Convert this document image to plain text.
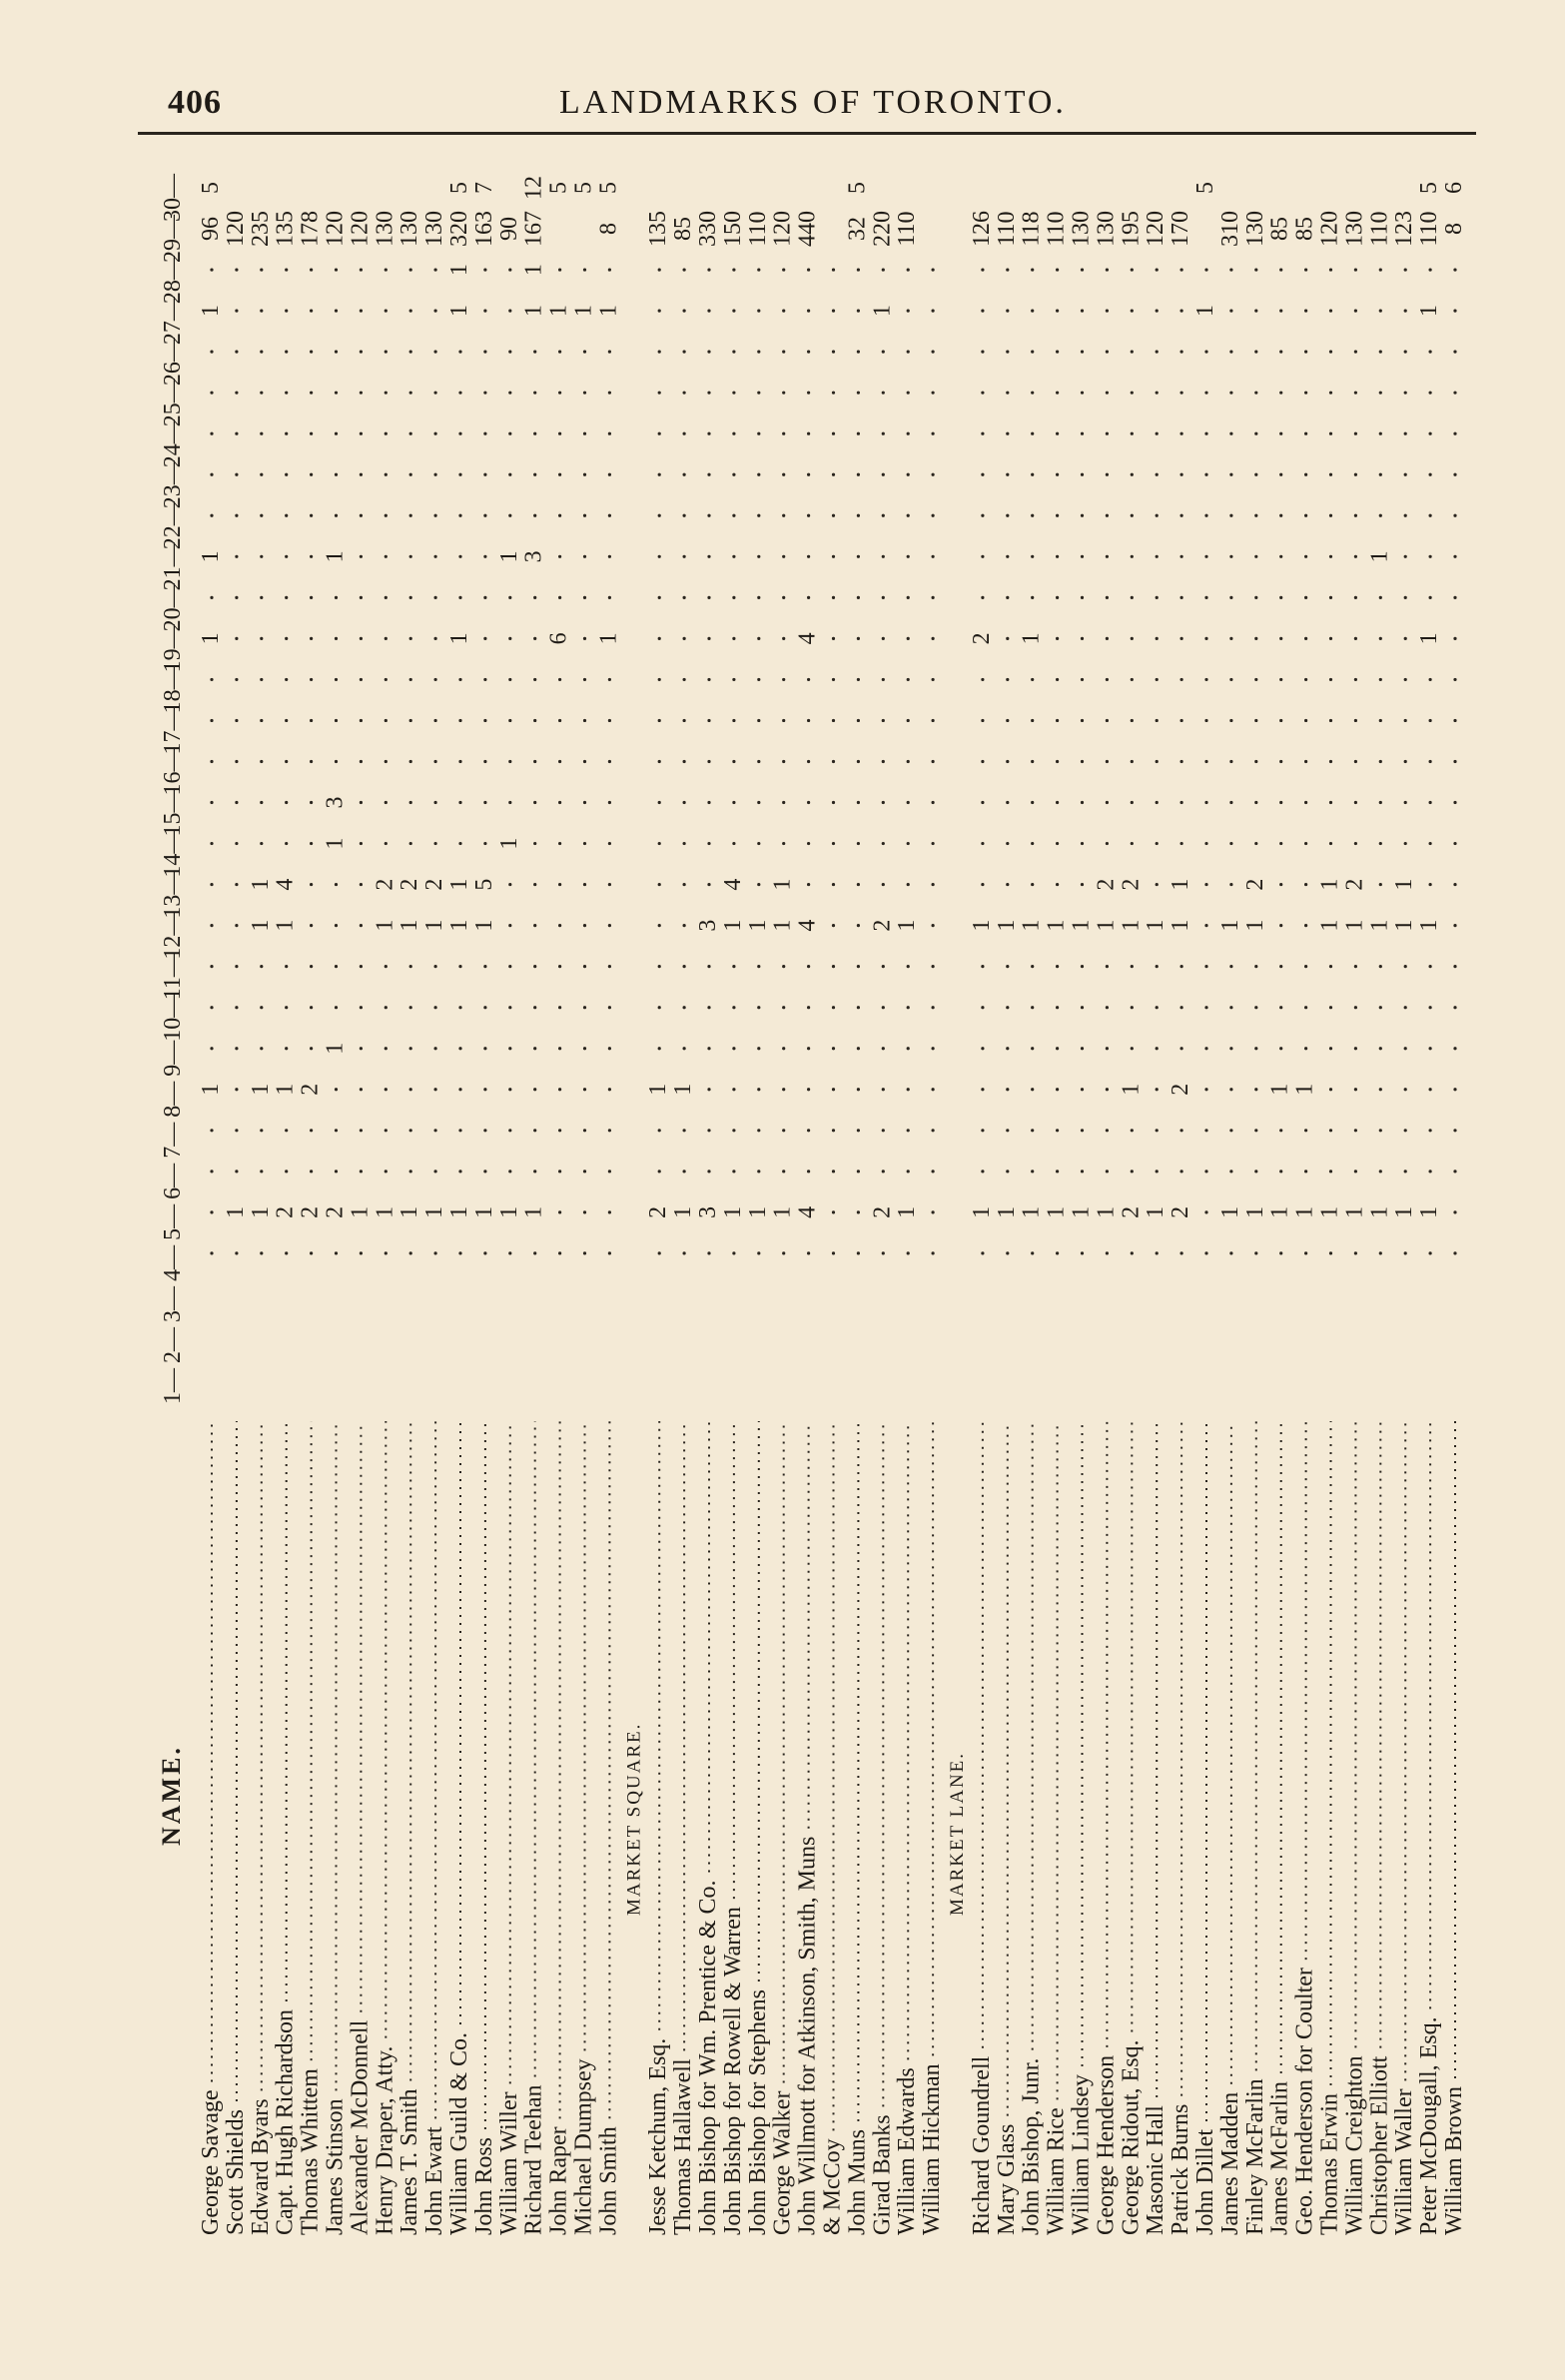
406	LANDMARKS OF TORONTO.
NAME.
1—
2—
3—
4—
5—
6—
7—
8—
9—
10—
11—
12—
13—
14—
15—
16—
17—
18—
19—
20—
21—
22—
23—
24—
25—
26—
27—
28—
29—
30—
George Savage
1
1
1
1
96
5
Scott Shields
1
120
Edward Byars
1
1
1
1
235
Capt. Hugh Richardson
2
1
1
4
135
Thomas Whittem
2
2
178
James Stinson
2
1
1
3
1
120
Alexander McDonnell
1
120
Henry Draper, Atty.
1
1
2
130
James T. Smith
1
1
2
130
John Ewart
1
1
2
130
William Guild & Co.
1
1
1
1
1
1
320
5
John Ross
1
1
5
163
7
William Willer
1
1
1
90
Richard Teehan
1
3
1
1
167
12
John Raper
6
1
5
Michael Dumpsey
1
5
John Smith
1
1
8
5
MARKET SQUARE.
Jesse Ketchum, Esq.
2
1
135
Thomas Hallawell
1
1
85
John Bishop for Wm. Prentice & Co.
3
3
330
John Bishop for Rowell & Warren
1
1
4
150
John Bishop for Stephens
1
1
110
George Walker
1
1
1
120
John Willmott for Atkinson, Smith, Muns
4
4
4
440
& McCoy
John Muns
32
5
Girad Banks
2
2
1
220
William Edwards
1
1
110
William Hickman
MARKET LANE.
Richard Goundrell
1
1
2
126
Mary Glass
1
1
110
John Bishop, Junr.
1
1
1
118
William Rice
1
1
110
William Lindsey
1
1
130
George Henderson
1
1
2
130
George Ridout, Esq.
2
1
1
2
195
Masonic Hall
1
1
120
Patrick Burns
2
2
1
1
170
John Dillet
1
5
James Madden
1
1
310
Finley McFarlin
1
1
2
130
James McFarlin
1
1
85
Geo. Henderson for Coulter
1
1
85
Thomas Erwin
1
1
1
120
William Creighton
1
1
2
130
Christopher Elliott
1
1
1
110
William Waller
1
1
1
123
Peter McDougall, Esq.
1
1
1
1
110
5
William Brown
8
6
